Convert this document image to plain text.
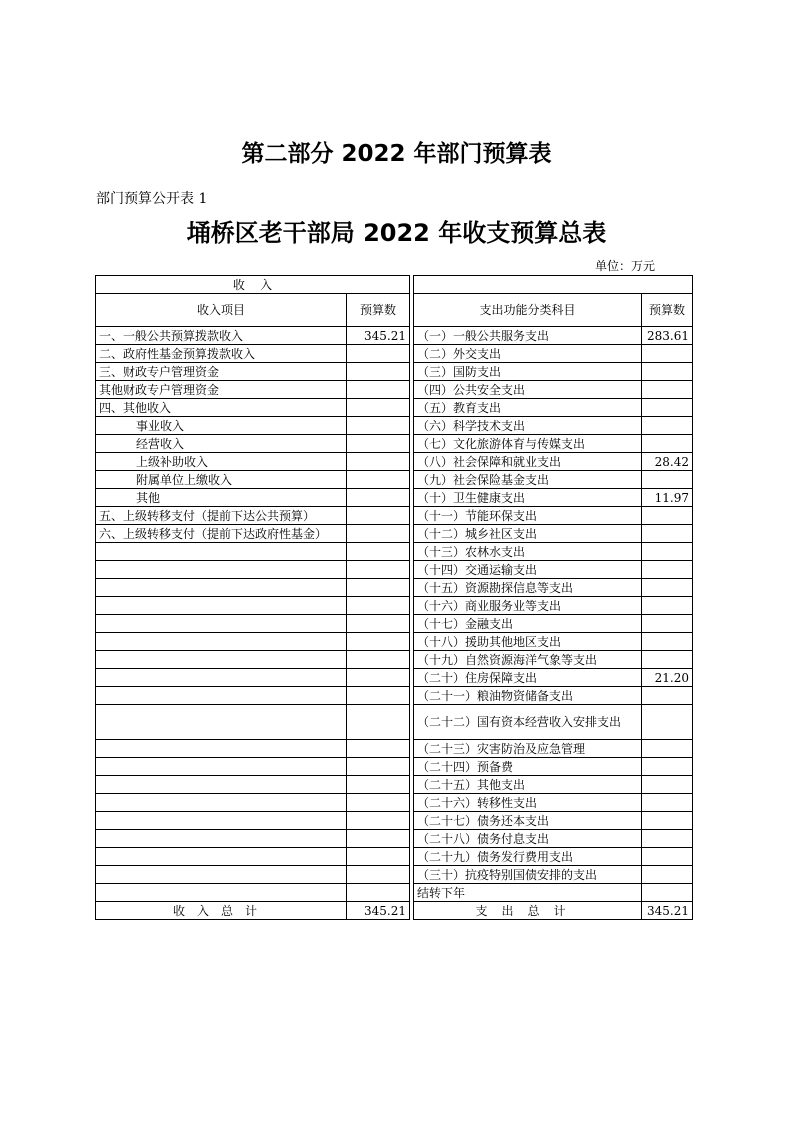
第二部分 2022 年部门预算表
部门预算公开表 1
埇桥区老干部局 2022 年收支预算总表
单位：万元
收    入				
收入项目	预算数		支出功能分类科目	预算数
一、一般公共预算拨款收入	345.21		（一）一般公共服务支出	283.61
二、政府性基金预算拨款收入			（二）外交支出	
三、财政专户管理资金			（三）国防支出	
其他财政专户管理资金			（四）公共安全支出	
四、其他收入			（五）教育支出	
事业收入			（六）科学技术支出	
经营收入			（七）文化旅游体育与传媒支出	
上级补助收入			（八）社会保障和就业支出	28.42
附属单位上缴收入			（九）社会保险基金支出	
其他			（十）卫生健康支出	11.97
五、上级转移支付（提前下达公共预算）			（十一）节能环保支出	
六、上级转移支付（提前下达政府性基金）			（十二）城乡社区支出	
			（十三）农林水支出	
			（十四）交通运输支出	
			（十五）资源勘探信息等支出	
			（十六）商业服务业等支出	
			（十七）金融支出	
			（十八）援助其他地区支出	
			（十九）自然资源海洋气象等支出	
			（二十）住房保障支出	21.20
			（二十一）粮油物资储备支出	
			（二十二）国有资本经营收入安排支出	
			（二十三）灾害防治及应急管理	
			（二十四）预备费	
			（二十五）其他支出	
			（二十六）转移性支出	
			（二十七）债务还本支出	
			（二十八）债务付息支出	
			（二十九）债务发行费用支出	
			（三十）抗疫特别国债安排的支出	
			结转下年	
收入总计	345.21		支出总计	345.21
